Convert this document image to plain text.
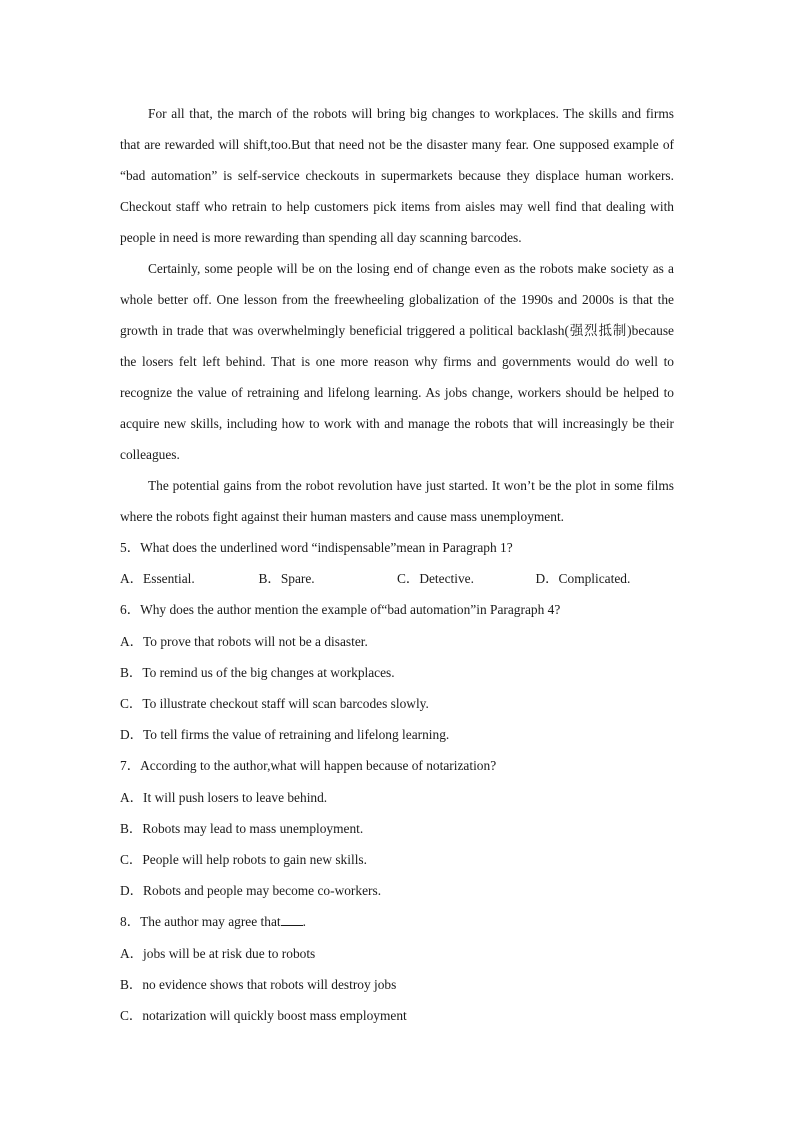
For all that, the march of the robots will bring big changes to workplaces. The skills and firms that are rewarded will shift,too.But that need not be the disaster many fear. One supposed example of “bad automation” is self-service checkouts in supermarkets because they displace human workers. Checkout staff who retrain to help customers pick items from aisles may well find that dealing with people in need is more rewarding than spending all day scanning barcodes.

Certainly, some people will be on the losing end of change even as the robots make society as a whole better off. One lesson from the freewheeling globalization of the 1990s and 2000s is that the growth in trade that was overwhelmingly beneficial triggered a political backlash(强烈抵制)because the losers felt left behind. That is one more reason why firms and governments would do well to recognize the value of retraining and lifelong learning. As jobs change, workers should be helped to acquire new skills, including how to work with and manage the robots that will increasingly be their colleagues.

The potential gains from the robot revolution have just started. It won’t be the plot in some films where the robots fight against their human masters and cause mass unemployment.

5．What does the underlined word “indispensable”mean in Paragraph 1?

A．Essential.	B．Spare.	C．Detective.	D．Complicated.

6．Why does the author mention the example of“bad automation”in Paragraph 4?

A．To prove that robots will not be a disaster.

B．To remind us of the big changes at workplaces.

C．To illustrate checkout staff will scan barcodes slowly.

D．To tell firms the value of retraining and lifelong learning.

7．According to the author,what will happen because of notarization?

A．It will push losers to leave behind.

B．Robots may lead to mass unemployment.

C．People will help robots to gain new skills.

D．Robots and people may become co-workers.

8．The author may agree that .

A．jobs will be at risk due to robots

B．no evidence shows that robots will destroy jobs

C．notarization will quickly boost mass employment
